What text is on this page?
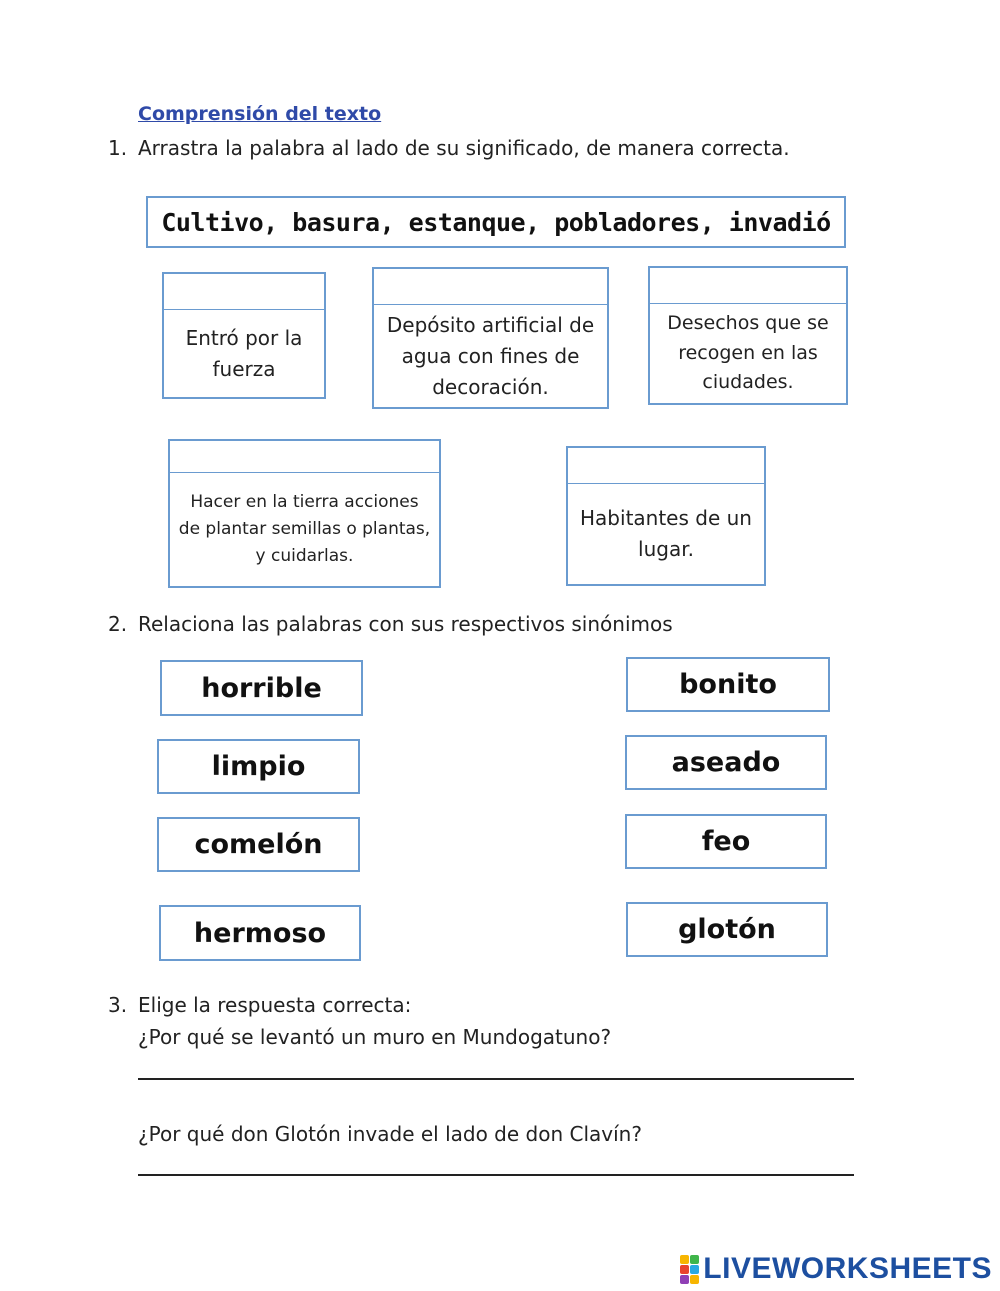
Comprensión del texto
1. Arrastra la palabra al lado de su significado, de manera correcta.
Cultivo, basura, estanque, pobladores, invadió
Entró por la fuerza
Depósito artificial de agua con fines de decoración.
Desechos que se recogen en las ciudades.
Hacer en la tierra acciones de plantar semillas o plantas, y cuidarlas.
Habitantes de un lugar.
2. Relaciona las palabras con sus respectivos sinónimos
horrible
limpio
comelón
hermoso
bonito
aseado
feo
glotón
3. Elige la respuesta correcta:
¿Por qué se levantó un muro en Mundogatuno?
¿Por qué don Glotón invade el lado de don Clavín?
LIVEWORKSHEETS
